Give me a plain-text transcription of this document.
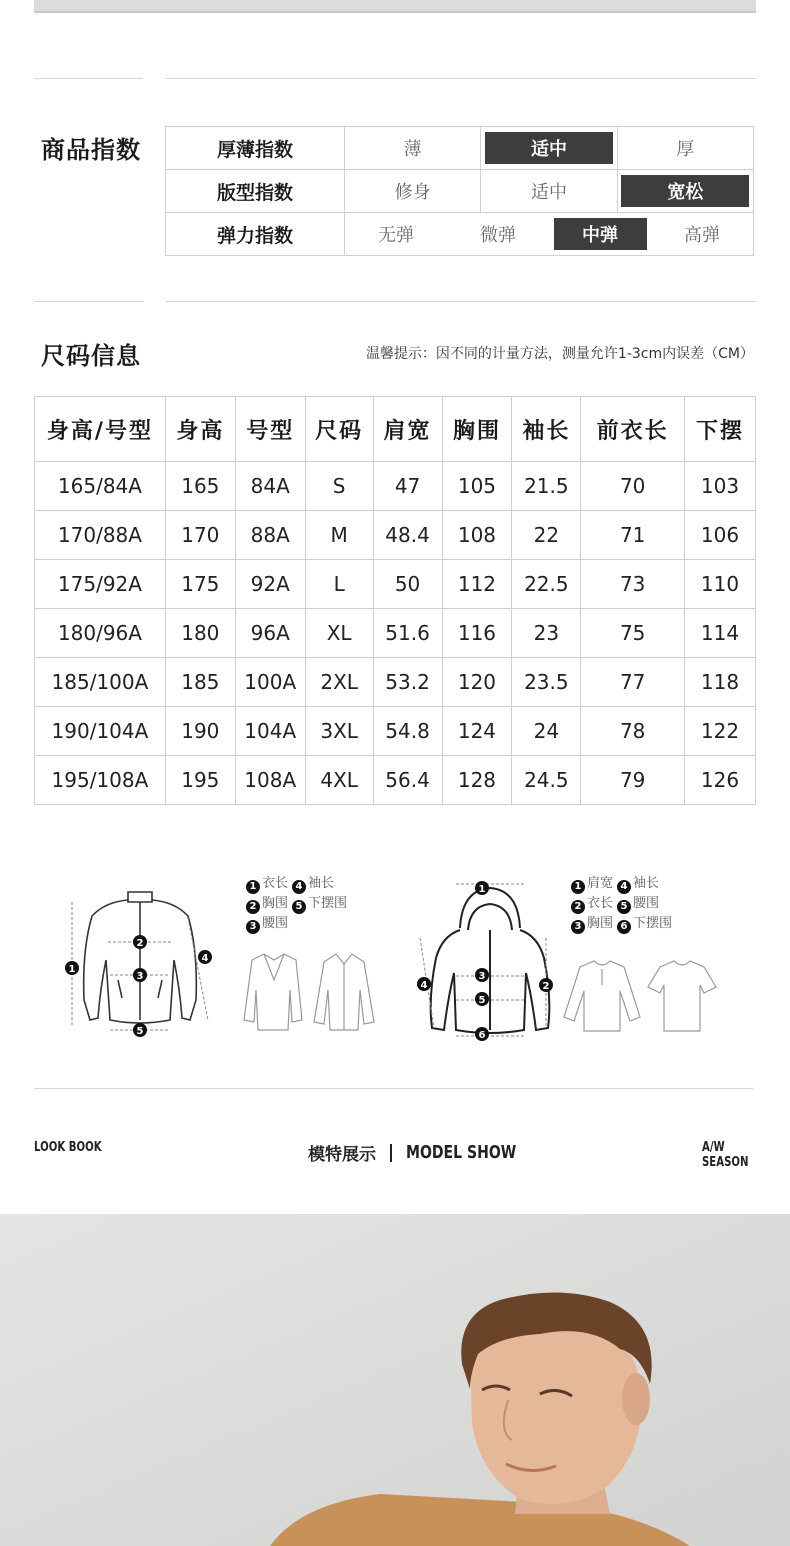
商品指数	厚薄指数	薄 适中 厚

版型指数	修身 适中 宽松

弹力指数	无弹 微弹 中弹 高弹
尺码信息	温馨提示：因不同的计量方法，测量允许1-3cm内误差（CM）
身高/号型	身高	号型	尺码	肩宽	胸围	袖长	前衣长	下摆
165/84A	165	84A	S	47	105	21.5	70	103
170/88A	170	88A	M	48.4	108	22	71	106
175/92A	175	92A	L	50	112	22.5	73	110
180/96A	180	96A	XL	51.6	116	23	75	114
185/100A	185	100A	2XL	53.2	120	23.5	77	118
190/104A	190	104A	3XL	54.8	124	24	78	122
195/108A	195	108A	4XL	56.4	128	24.5	79	126
1
2
3
4
5
1 衣长 4 袖长
2 胸围 5 下摆围
3 腰围
1
2
3
4
5
6
1 肩宽 4 袖长
2 衣长 5 腰围
3 胸围 6 下摆围
LOOK BOOK	模特展示 MODEL SHOW	A/W SEASON
